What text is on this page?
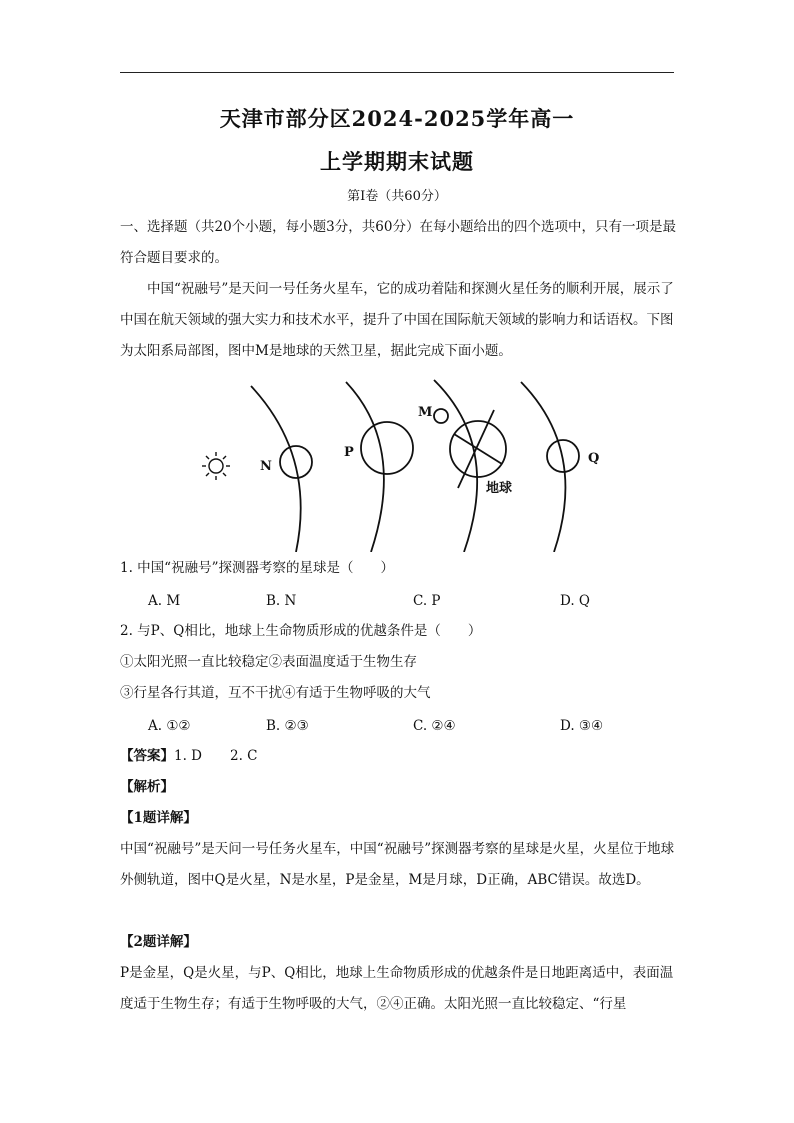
天津市部分区2024-2025学年高一
上学期期末试题
第Ⅰ卷（共60分）
一、选择题（共20个小题，每小题3分，共60分）在每小题给出的四个选项中，只有一项是最符合题目要求的。
中国“祝融号”是天问一号任务火星车，它的成功着陆和探测火星任务的顺利开展，展示了中国在航天领域的强大实力和技术水平，提升了中国在国际航天领域的影响力和话语权。下图为太阳系局部图，图中M是地球的天然卫星，据此完成下面小题。
N
P
M
Q
地球
1. 中国“祝融号”探测器考察的星球是（　　）
A. M	B. N	C. P	D. Q
2. 与P、Q相比，地球上生命物质形成的优越条件是（　　）
①太阳光照一直比较稳定②表面温度适于生物生存
③行星各行其道，互不干扰④有适于生物呼吸的大气
A. ①②	B. ②③	C. ②④	D. ③④
【答案】1. D 2. C
【解析】
【1题详解】
中国“祝融号”是天问一号任务火星车，中国“祝融号”探测器考察的星球是火星，火星位于地球外侧轨道，图中Q是火星，N是水星，P是金星，M是月球，D正确，ABC错误。故选D。
【2题详解】
P是金星，Q是火星，与P、Q相比，地球上生命物质形成的优越条件是日地距离适中，表面温度适于生物生存；有适于生物呼吸的大气，②④正确。太阳光照一直比较稳定、“行星
